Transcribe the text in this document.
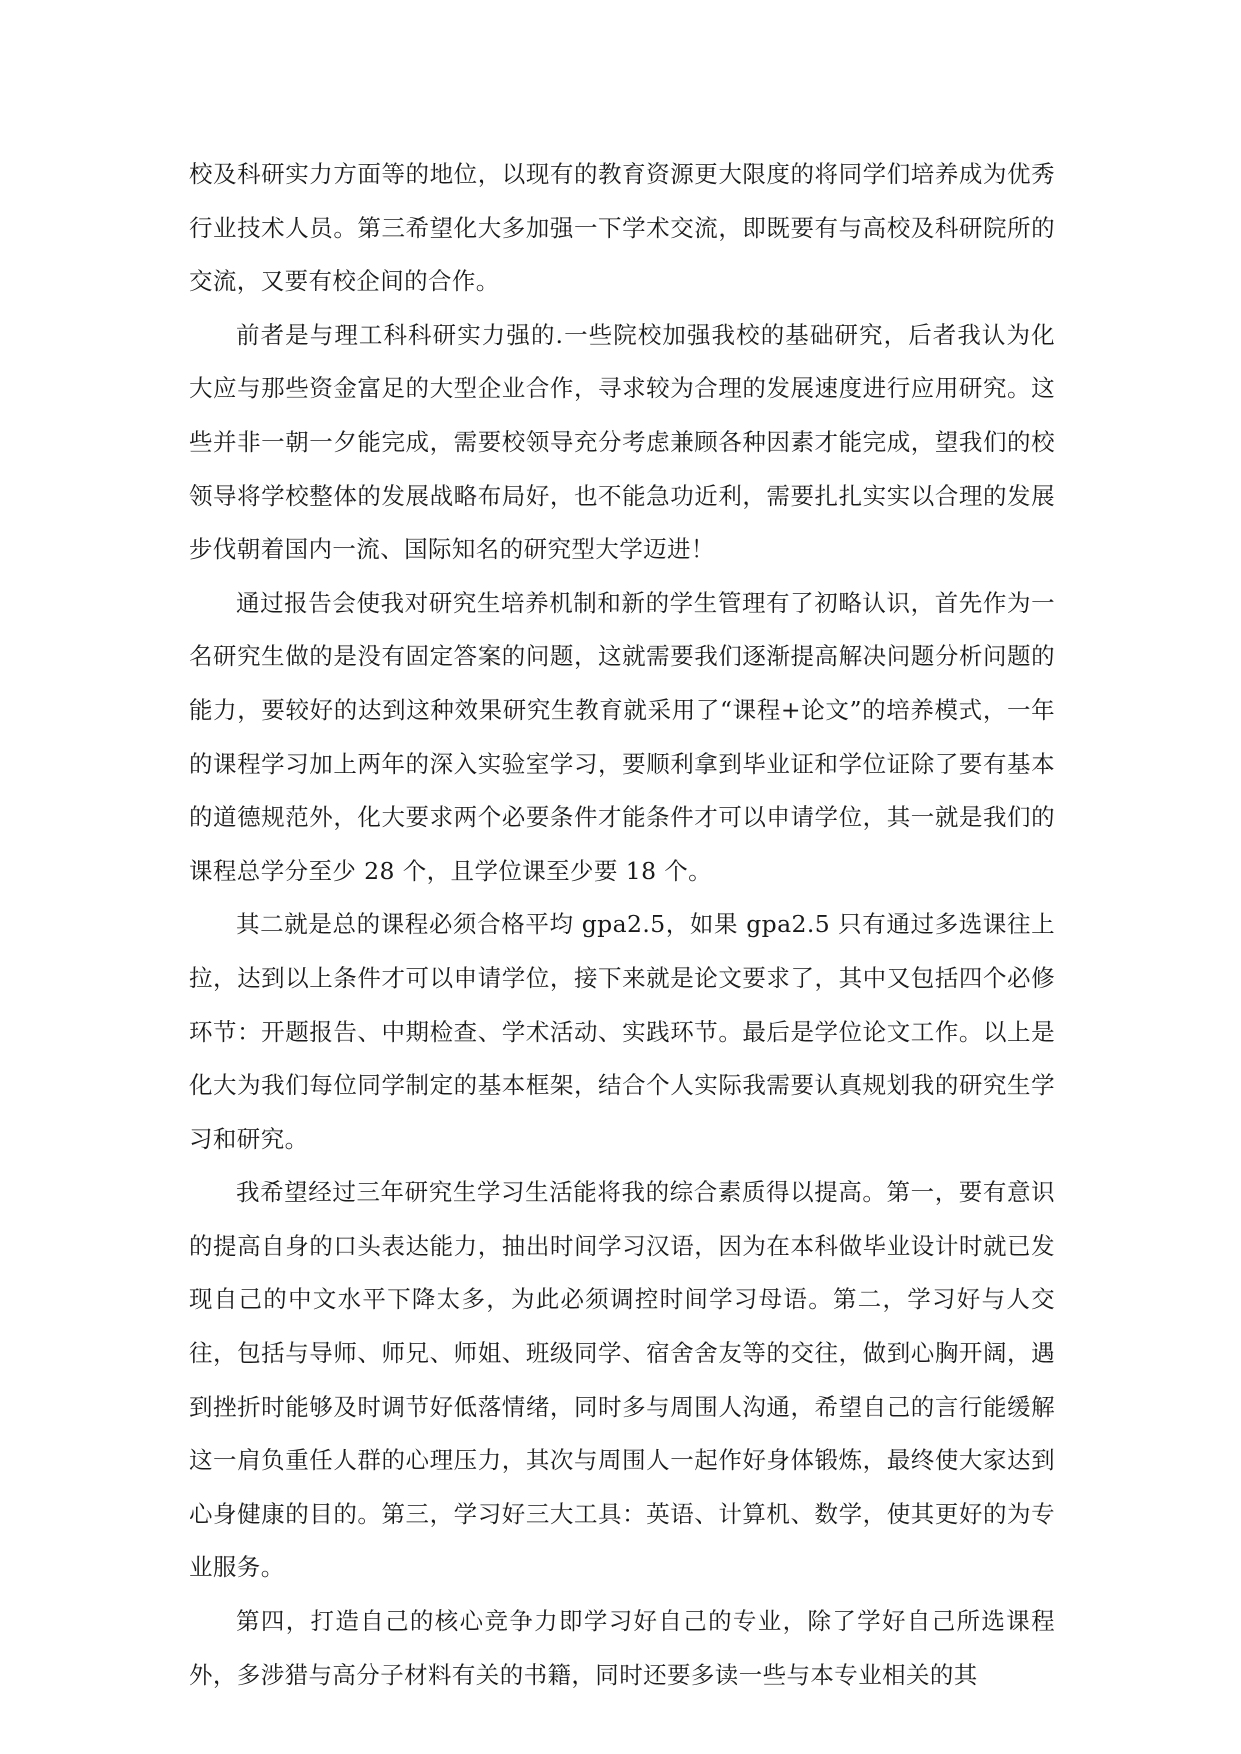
校及科研实力方面等的地位，以现有的教育资源更大限度的将同学们培养成为优秀行业技术人员。第三希望化大多加强一下学术交流，即既要有与高校及科研院所的交流，又要有校企间的合作。

前者是与理工科科研实力强的.一些院校加强我校的基础研究，后者我认为化大应与那些资金富足的大型企业合作，寻求较为合理的发展速度进行应用研究。这些并非一朝一夕能完成，需要校领导充分考虑兼顾各种因素才能完成，望我们的校领导将学校整体的发展战略布局好，也不能急功近利，需要扎扎实实以合理的发展步伐朝着国内一流、国际知名的研究型大学迈进！

通过报告会使我对研究生培养机制和新的学生管理有了初略认识，首先作为一名研究生做的是没有固定答案的问题，这就需要我们逐渐提高解决问题分析问题的能力，要较好的达到这种效果研究生教育就采用了“课程+论文”的培养模式，一年的课程学习加上两年的深入实验室学习，要顺利拿到毕业证和学位证除了要有基本的道德规范外，化大要求两个必要条件才能条件才可以申请学位，其一就是我们的课程总学分至少 28 个，且学位课至少要 18 个。

其二就是总的课程必须合格平均 gpa2.5，如果 gpa2.5 只有通过多选课往上拉，达到以上条件才可以申请学位，接下来就是论文要求了，其中又包括四个必修环节：开题报告、中期检查、学术活动、实践环节。最后是学位论文工作。以上是化大为我们每位同学制定的基本框架，结合个人实际我需要认真规划我的研究生学习和研究。

我希望经过三年研究生学习生活能将我的综合素质得以提高。第一，要有意识的提高自身的口头表达能力，抽出时间学习汉语，因为在本科做毕业设计时就已发现自己的中文水平下降太多，为此必须调控时间学习母语。第二，学习好与人交往，包括与导师、师兄、师姐、班级同学、宿舍舍友等的交往，做到心胸开阔，遇到挫折时能够及时调节好低落情绪，同时多与周围人沟通，希望自己的言行能缓解这一肩负重任人群的心理压力，其次与周围人一起作好身体锻炼，最终使大家达到心身健康的目的。第三，学习好三大工具：英语、计算机、数学，使其更好的为专业服务。

第四，打造自己的核心竞争力即学习好自己的专业，除了学好自己所选课程外，多涉猎与高分子材料有关的书籍，同时还要多读一些与本专业相关的其
